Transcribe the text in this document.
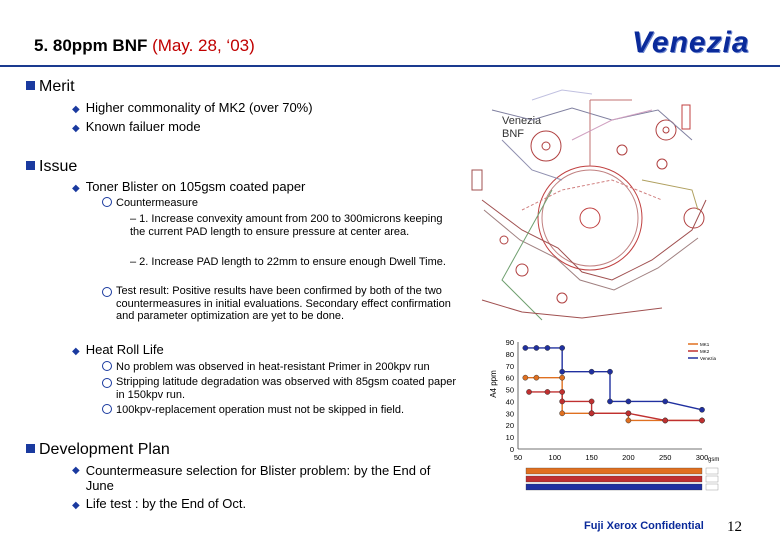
5. 80ppm BNF (May. 28, ‘03)	Venezia
Merit
◆ Higher commonality of MK2 (over 70%)
◆ Known failuer mode
Issue
◆ Toner Blister on 105gsm coated paper
Countermeasure
– 1. Increase convexity amount from 200 to 300microns keeping the current PAD length to ensure pressure at center area.
– 2. Increase PAD length to 22mm to ensure enough Dwell Time.
Test result: Positive results have been confirmed by both of the two countermeasures in initial evaluations. Secondary effect confirmation and parameter optimization are yet to be done.
◆ Heat Roll Life
No problem was observed in heat-resistant Primer in 200kpv run
Stripping latitude degradation was observed with 85gsm coated paper in 150kpv run.
100kpv-replacement operation must not be skipped in field.
Development Plan
◆ Countermeasure selection for Blister problem: by the End of June
◆ Life test : by the End of Oct.
Venezia
BNF
A4 ppm
gsm
0
10
20
30
40
50
60
70
80
90
50	100	150	200	250	300
MK1
MK2
Venezia
Fuji Xerox Confidential 12
